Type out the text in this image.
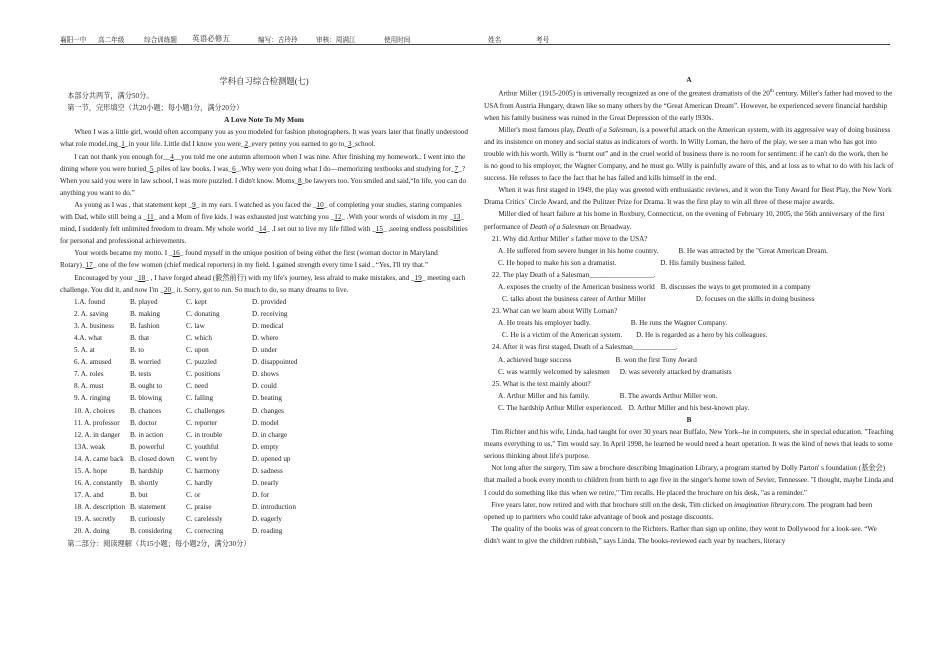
襄阳一中 高二年级	综合训练题 英语必修五	编写：古玲玲	审核：周满江	使用时间	姓名	考号

学科自习综合检测题(七)

本部分共两节，满分50分。

第一节，完形填空（共20小题；每小题1分，满分20分）

A Love Note To My Mom

When I was a little girl, would often accompany you as you modeled for fashion photographers. It was years later that finally understood what role model.ing_1_in your life. Little did I know you were_2_every penny you earned to go to_3_school.

I can not thank you enough for__4__you told me one autumn afternoon when I was nine. After finishing my homework.. I went into the dining where you were buried_5_piles of law books. I was_6_.Why were you doing what I do—memorizing textbooks and studying for_7_? When you said you were in law school, I was more puzzled. I didn't know. Moms_8_be lawyers too. You smiled and said,“In life, you can do anything you want to do.”

As young as I was , that statement kept _9_ in my ears. I watched as you faced the _10_ of completing your studies, staring companies with Dad, while still being a _11_ and a Mom of five kids. I was exhausted just watching you _12_ .With your words of wisdom in my _13_ mind, I suddenly felt unlimited freedom to dream. My whole world _14_ .I set out to live my life filled with _15_ ,seeing endless possibilities for personal and professional achievements.

Your words became my motto. I _16_ found myself in the unique position of being either the first (woman doctor in Maryland Rotary)_17_ one of the few women (chief medical reporters) in my field. I gained strength every time I said , “Yes, I'll try that.”

Encouraged by your _18_ , I have forged ahead (毅然前行) with my life's journey, less afraid to make mistakes, and _19_ meeting each challenge. You did it, and now I'm _20_ it. Sorry, got to run. So much to do, so many dreams to live.

1.A. found	B. played	C. kept	D. provided
2. A. saving	B. making	C. donating	D. receiving
3. A. business	B. fashion	C. law	D. medical
4.A. what	B. that	C. which	D. where
5. A. at	B. to	C. upon	D. under
6. A. amused	B. worried	C. puzzled	D. disappointed
7. A. roles	B. tests	C. positions	D. shows
8. A. must	B. ought to	C. need	D. could
9. A. ringing	B. blowing	C. falling	D. beating
10. A. choices	B. chances	C. challenges	D. changes
11. A. professor	B. doctor	C. reporter	D. model
12. A. in danger	B. in action	C. in trouble	D. in charge
13A. weak	B. powerful	C. youthful	D. empty
14. A. came back B. closed down	C. went by	D. opened up
15. A. hope	B. hardship	C. harmony	D. sadness
16. A. constantly	B. shortly	C. hardly	D. nearly
17. A. and	B. but	C. or	D. for
18. A. description B. statement	C. praise	D. introduction
19. A. secretly	B. curiously	C. carelessly	D. eagerly
20. A. doing	B. considering	C. correcting	D. reading

第二部分：阅读理解（共15小题；每小题2分，满分30分）

A

Arthur Miller (1915-2005) is universally recognized as one of the greatest dramatists of the 20th century. Miller's father had moved to the USA from Austria Hungary, drawn like so many others by the “Great American Dream”. However, he experienced severe financial hardship when his family business was ruined in the Great Depression of the early l930s.

Miller's most famous play, Death of a Salesman, is a powerful attack on the American system, with its aggressive way of doing business and its insistence on money and social status as indicators of worth. In Willy Loman, the hero of the play, we see a man who has got into trouble with his worth. Willy is “burnt out” and in the cruel world of business there is no room for sentiment: if he can't do the work, then he is no good to his employer, the Wagner Company, and he must go. Willy is painfully aware of this, and at loss as to what to do with his lack of success. He refuses to face the fact that he has failed and kills himself in the end.

When it was first staged in 1949, the play was greeted with enthusiastic reviews, and it won the Tony Award for Best Play, the New York Drama Critics` Circle Award, and the Pulitzer Prize for Drama. It was the first play to win all three of these major awards.

Miller died of heart failure at his home in Roxbury, Connecticut, on the evening of February 10, 2005, the 56th anniversary of the first performance of Death of a Salesman on Broadway.

21. Why did Arthur Miller' s father move to the USA?

A. He suffered from severe hunger in his home country.	B. He was attracted by the "Great American Dream.

C. He hoped to make his son a dramatist.	D. His family business failed.

22. The play Death of a Salesman__________________.

A. exposes the cruelty of the American business world B. discusses the ways to get promoted in a company

C. talks about the business career of Arthur Miller	D. focuses on the skills in doing business

23. What can we learn about Willy Loman?

A. He treats his employer badly.	B. He runs the Wagner Company.

C. He is a victim of the American system. D. He is regarded as a hero by his colleagues.

24. After it was first staged, Death of a Salesman____________.

A. achieved huge success	B. won the first Tony Award

C. was warmly welcomed by salesmen D. was severely attacked by dramatists

25. What is the text mainly about?

A. Arthur Miller and his family.	B. The awards Arthur Miller won.

C. The hardship Arthur Miller experienced. D. Arthur Miller and his best-known play.

B

Tim Richter and his wife, Linda, had taught for over 30 years near Buffalo, New York--he in computers, she in special education. "Teaching means everything to us," Tim would say. In April 1998, he learned he would need a heart operation. It was the kind of news that leads to some serious thinking about life's purpose.

Not long after the surgery, Tim saw a brochure describing Imagination Library, a program started by Dolly Parton' s foundation (基金会) that mailed a book every month to children from birth to age five in the singer's home town of Sevier, Tennessee. "I thought, maybe Linda and I could do something like this when we retire," Tim recalls. He placed the brochure on his desk, "as a reminder."

Five years later, now retired and with that brochure still on the desk, Tim clicked on imagination library.com. The program had been opened up to partners who could take advantage of book and postage discounts.

The quality of the books was of great concern to the Richters. Rather than sign up online, they went to Dollywood for a look-see. “We didn't want to give the children rubbish,” says Linda. The books-reviewed each year by teachers, literacy
